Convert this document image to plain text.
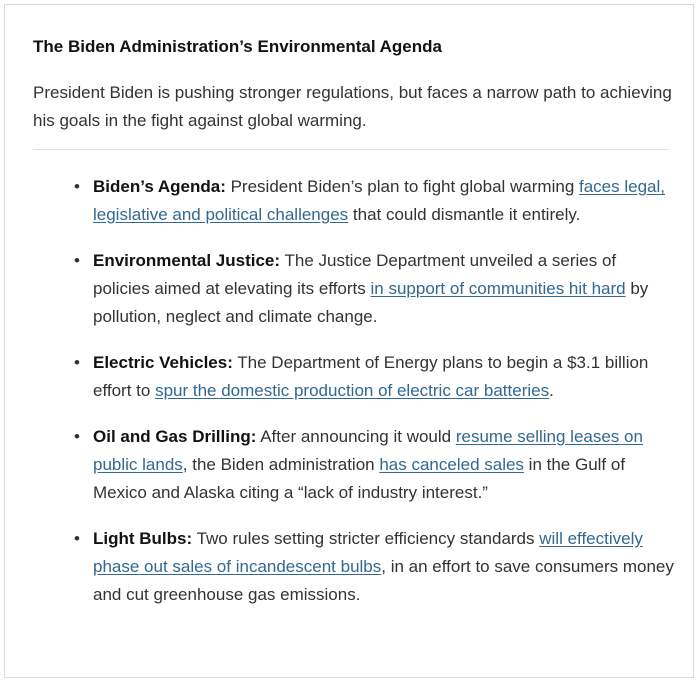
The Biden Administration’s Environmental Agenda

President Biden is pushing stronger regulations, but faces a narrow path to achieving his goals in the fight against global warming.

• Biden’s Agenda: President Biden’s plan to fight global warming faces legal, legislative and political challenges that could dismantle it entirely.
• Environmental Justice: The Justice Department unveiled a series of policies aimed at elevating its efforts in support of communities hit hard by pollution, neglect and climate change.
• Electric Vehicles: The Department of Energy plans to begin a $3.1 billion effort to spur the domestic production of electric car batteries.
• Oil and Gas Drilling: After announcing it would resume selling leases on public lands, the Biden administration has canceled sales in the Gulf of Mexico and Alaska citing a “lack of industry interest.”
• Light Bulbs: Two rules setting stricter efficiency standards will effectively phase out sales of incandescent bulbs, in an effort to save consumers money and cut greenhouse gas emissions.
